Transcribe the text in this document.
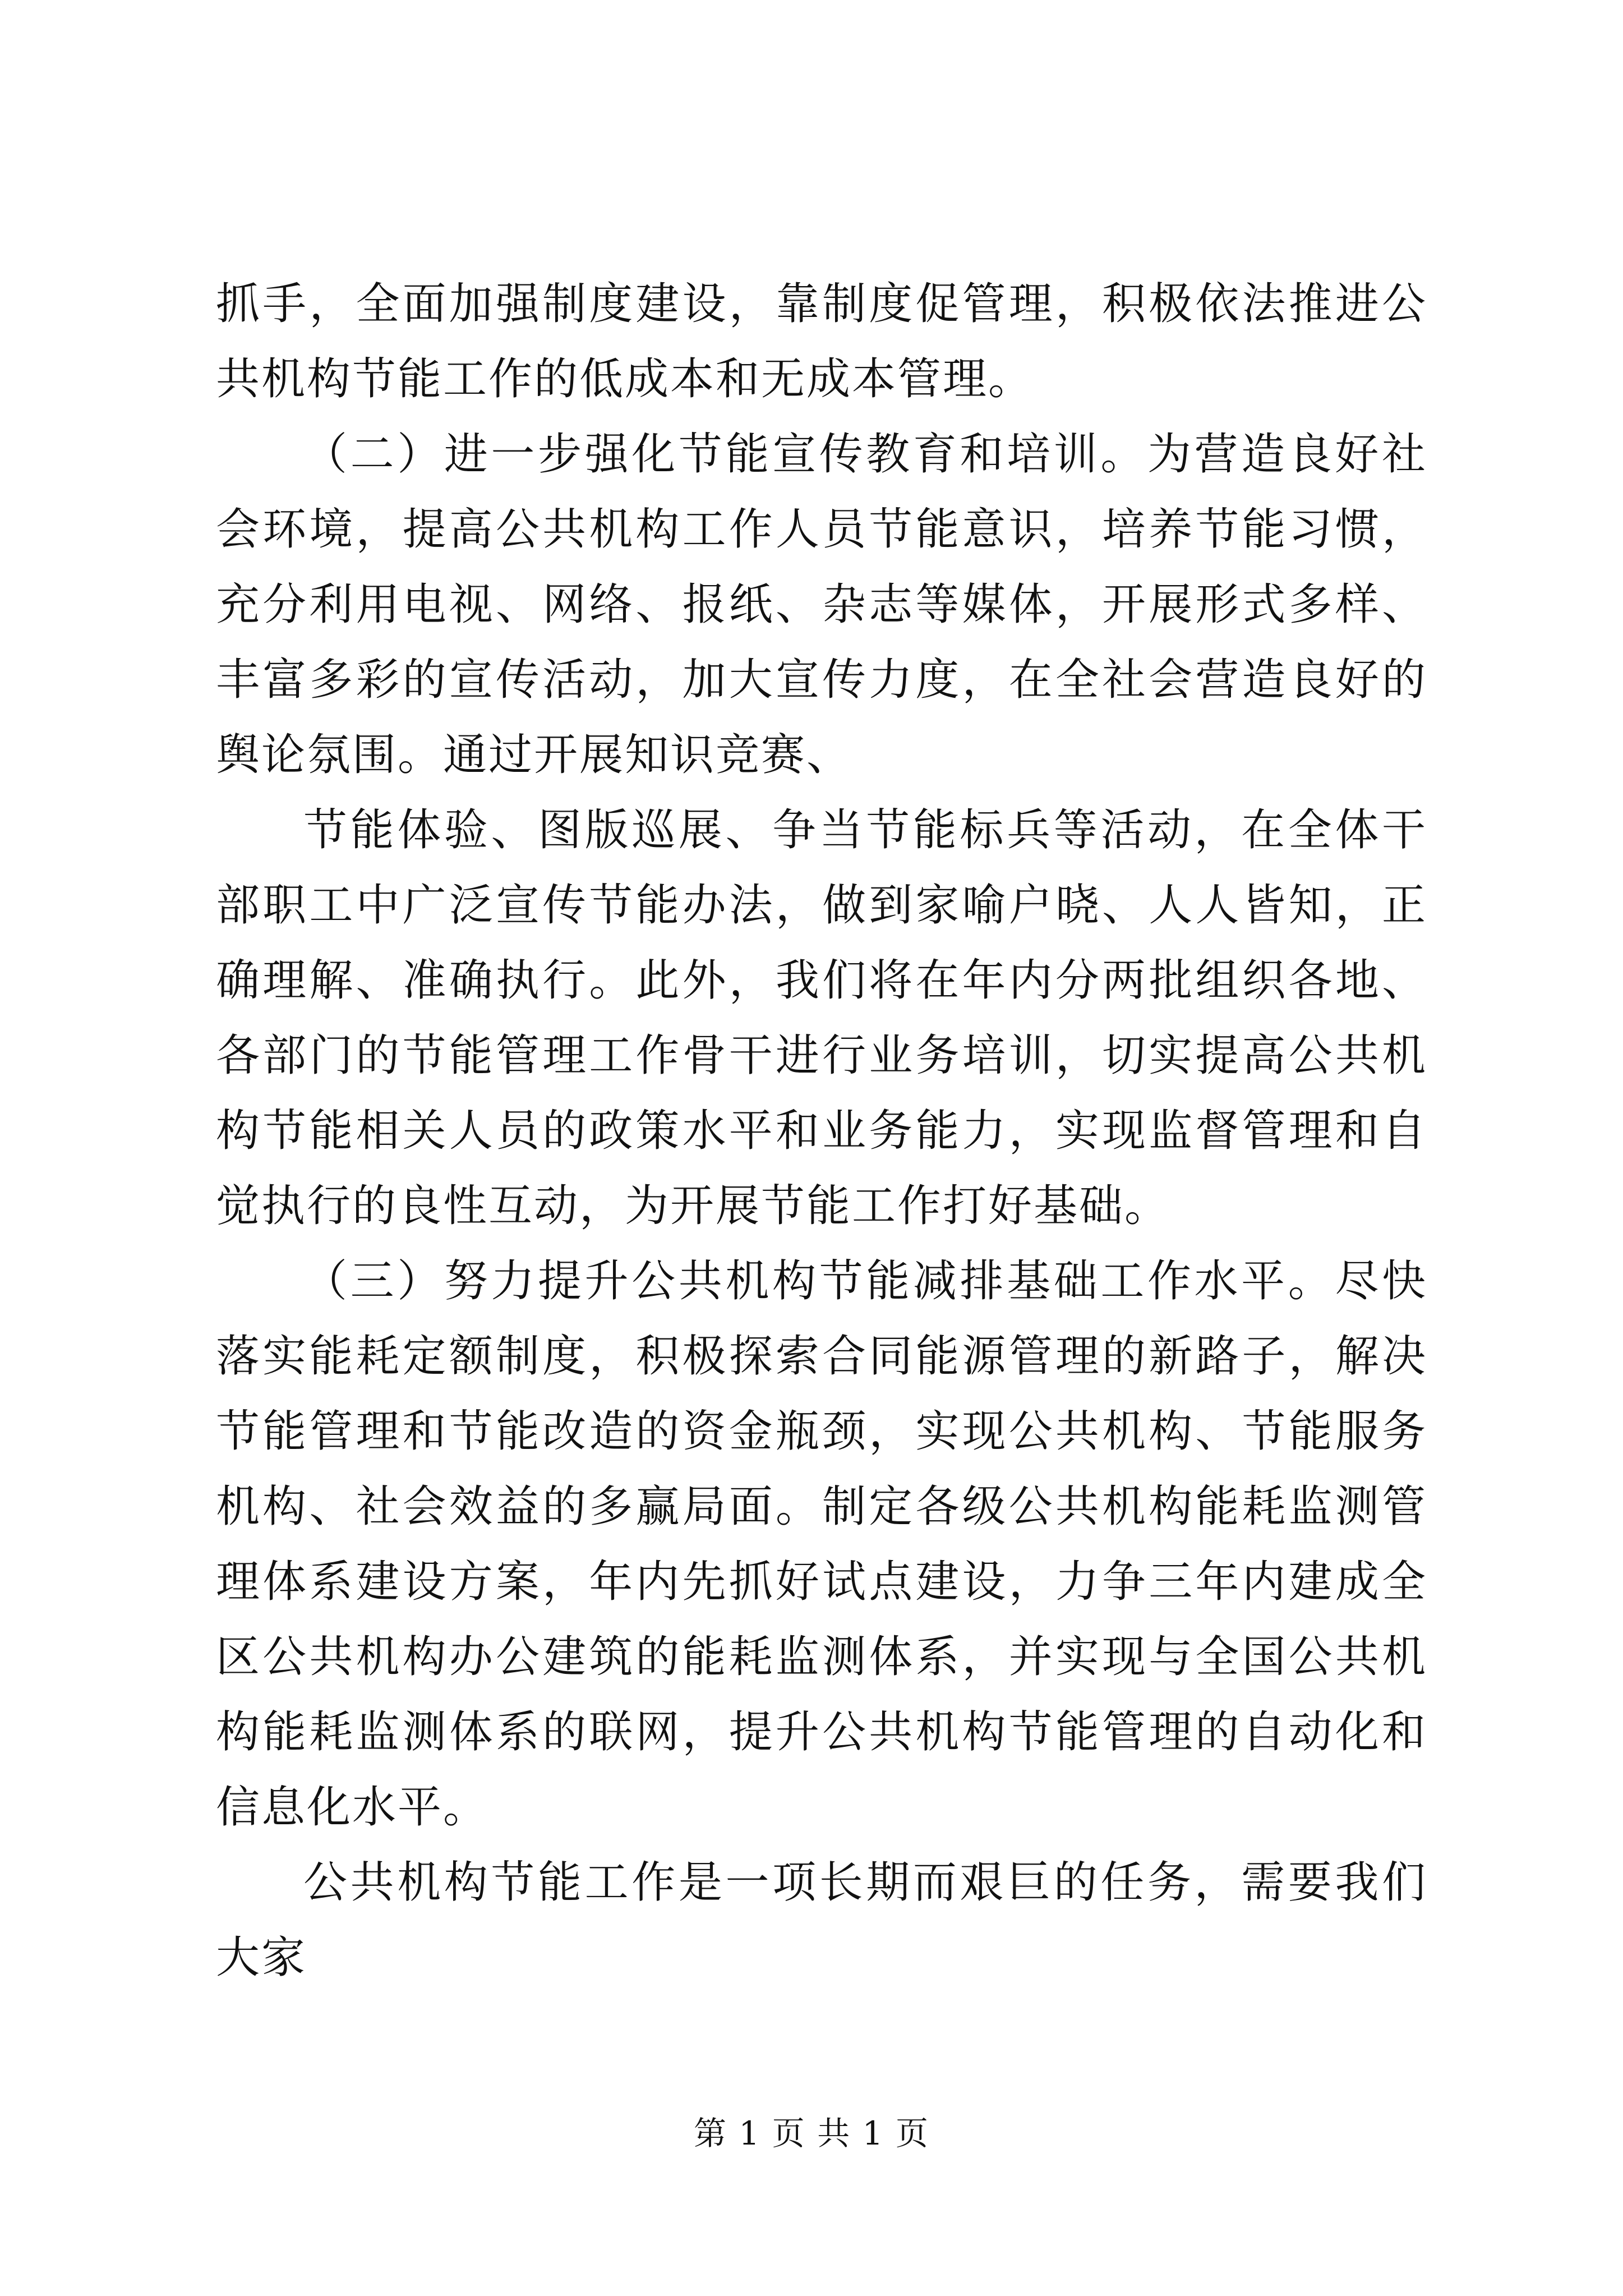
抓手，全面加强制度建设，靠制度促管理，积极依法推进公共机构节能工作的低成本和无成本管理。

（二）进一步强化节能宣传教育和培训。为营造良好社会环境，提高公共机构工作人员节能意识，培养节能习惯，充分利用电视、网络、报纸、杂志等媒体，开展形式多样、丰富多彩的宣传活动，加大宣传力度，在全社会营造良好的舆论氛围。通过开展知识竞赛、

节能体验、图版巡展、争当节能标兵等活动，在全体干部职工中广泛宣传节能办法，做到家喻户晓、人人皆知，正确理解、准确执行。此外，我们将在年内分两批组织各地、各部门的节能管理工作骨干进行业务培训，切实提高公共机构节能相关人员的政策水平和业务能力，实现监督管理和自觉执行的良性互动，为开展节能工作打好基础。

（三）努力提升公共机构节能减排基础工作水平。尽快落实能耗定额制度，积极探索合同能源管理的新路子，解决节能管理和节能改造的资金瓶颈，实现公共机构、节能服务机构、社会效益的多赢局面。制定各级公共机构能耗监测管理体系建设方案，年内先抓好试点建设，力争三年内建成全区公共机构办公建筑的能耗监测体系，并实现与全国公共机构能耗监测体系的联网，提升公共机构节能管理的自动化和信息化水平。

公共机构节能工作是一项长期而艰巨的任务，需要我们大家

第 1 页 共 1 页
